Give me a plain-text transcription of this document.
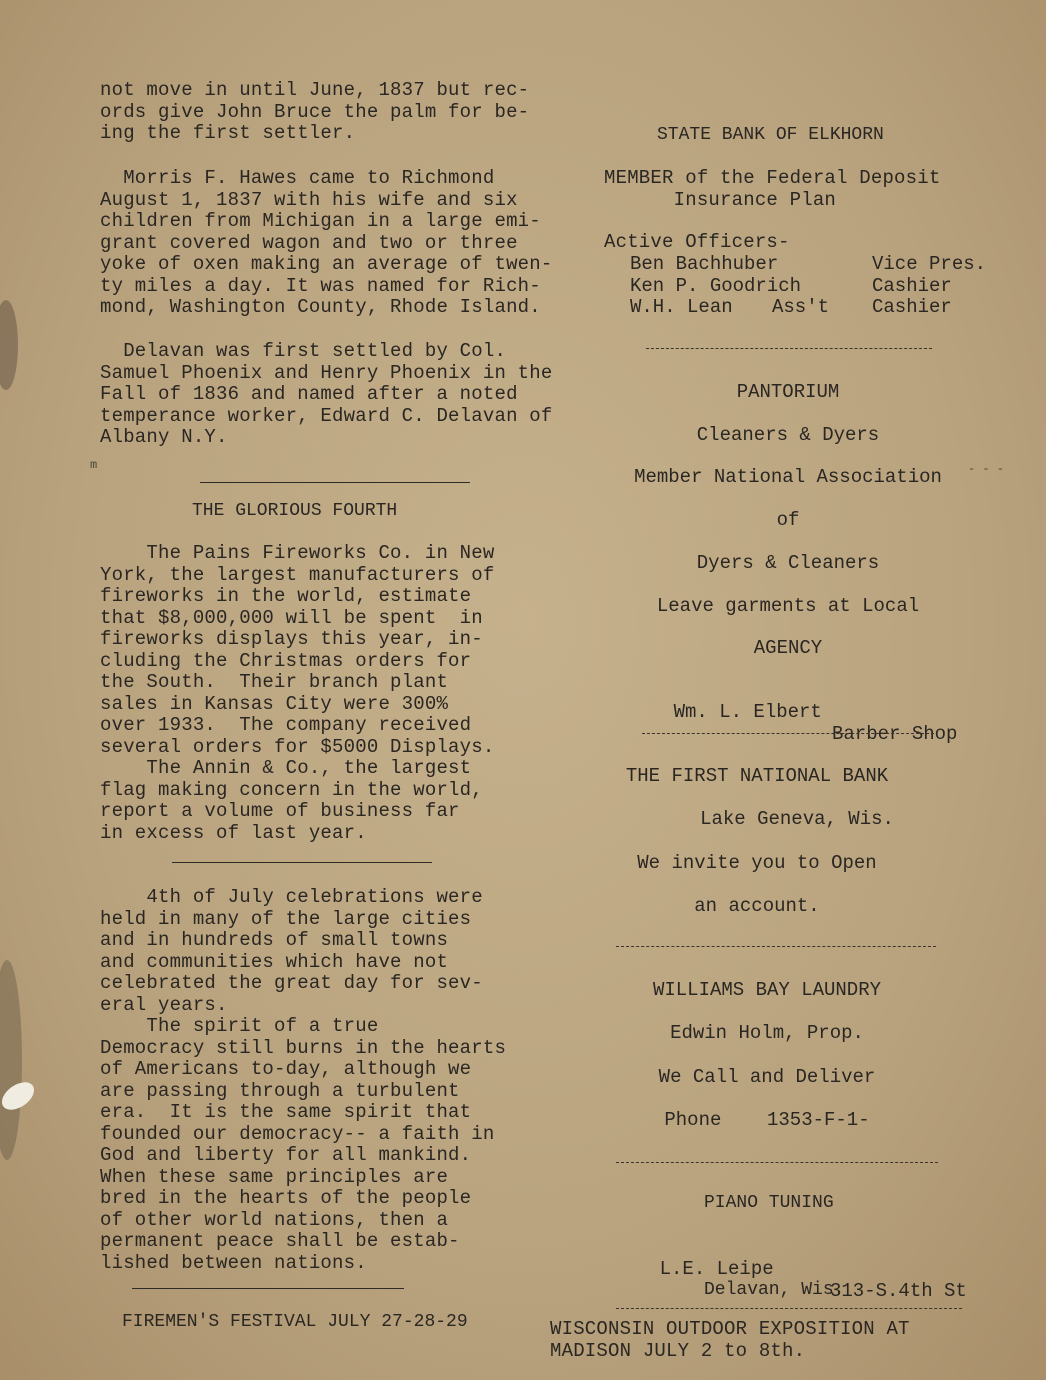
not move in until June, 1837 but rec-
ords give John Bruce the palm for be-
ing the first settler.

Morris F. Hawes came to Richmond
August 1, 1837 with his wife and six
children from Michigan in a large emi-
grant covered wagon and two or three
yoke of oxen making an average of twen-
ty miles a day. It was named for Rich-
mond, Washington County, Rhode Island.

Delavan was first settled by Col.
Samuel Phoenix and Henry Phoenix in the
Fall of 1836 and named after a noted
temperance worker, Edward C. Delavan of
Albany N.Y.

m

THE GLORIOUS FOURTH

The Pains Fireworks Co. in New
York, the largest manufacturers of
fireworks in the world, estimate
that $8,000,000 will be spent  in
fireworks displays this year, in-
cluding the Christmas orders for
the South.  Their branch plant
sales in Kansas City were 300%
over 1933.  The company received
several orders for $5000 Displays.
The Annin & Co., the largest
flag making concern in the world,
report a volume of business far
in excess of last year.

4th of July celebrations were
held in many of the large cities
and in hundreds of small towns
and communities which have not
celebrated the great day for sev-
eral years.
The spirit of a true
Democracy still burns in the hearts
of Americans to-day, although we
are passing through a turbulent
era.  It is the same spirit that
founded our democracy-- a faith in
God and liberty for all mankind.
When these same principles are
bred in the hearts of the people
of other world nations, then a
permanent peace shall be estab-
lished between nations.

FIREMEN'S FESTIVAL JULY 27-28-29

STATE BANK OF ELKHORN

MEMBER of the Federal Deposit
Insurance Plan

Active Officers-

Ben Bachhuber	Vice Pres.
Ken P. Goodrich	Cashier
W.H. Lean Ass't Cashier
PANTORIUM
Cleaners & Dyers
Member National Association
of
Dyers & Cleaners
Leave garments at Local
AGENCY

Wm. L. Elbert

Barber Shop

THE FIRST NATIONAL BANK
Lake Geneva, Wis.
We invite you to Open
an account.
WILLIAMS BAY LAUNDRY
Edwin Holm, Prop.
We Call and Deliver
Phone    1353-F-1-

PIANO TUNING

L.E. Leipe

313-S.4th St

Delavan, Wis.

WISCONSIN OUTDOOR EXPOSITION AT
MADISON JULY 2 to 8th.

- - -
